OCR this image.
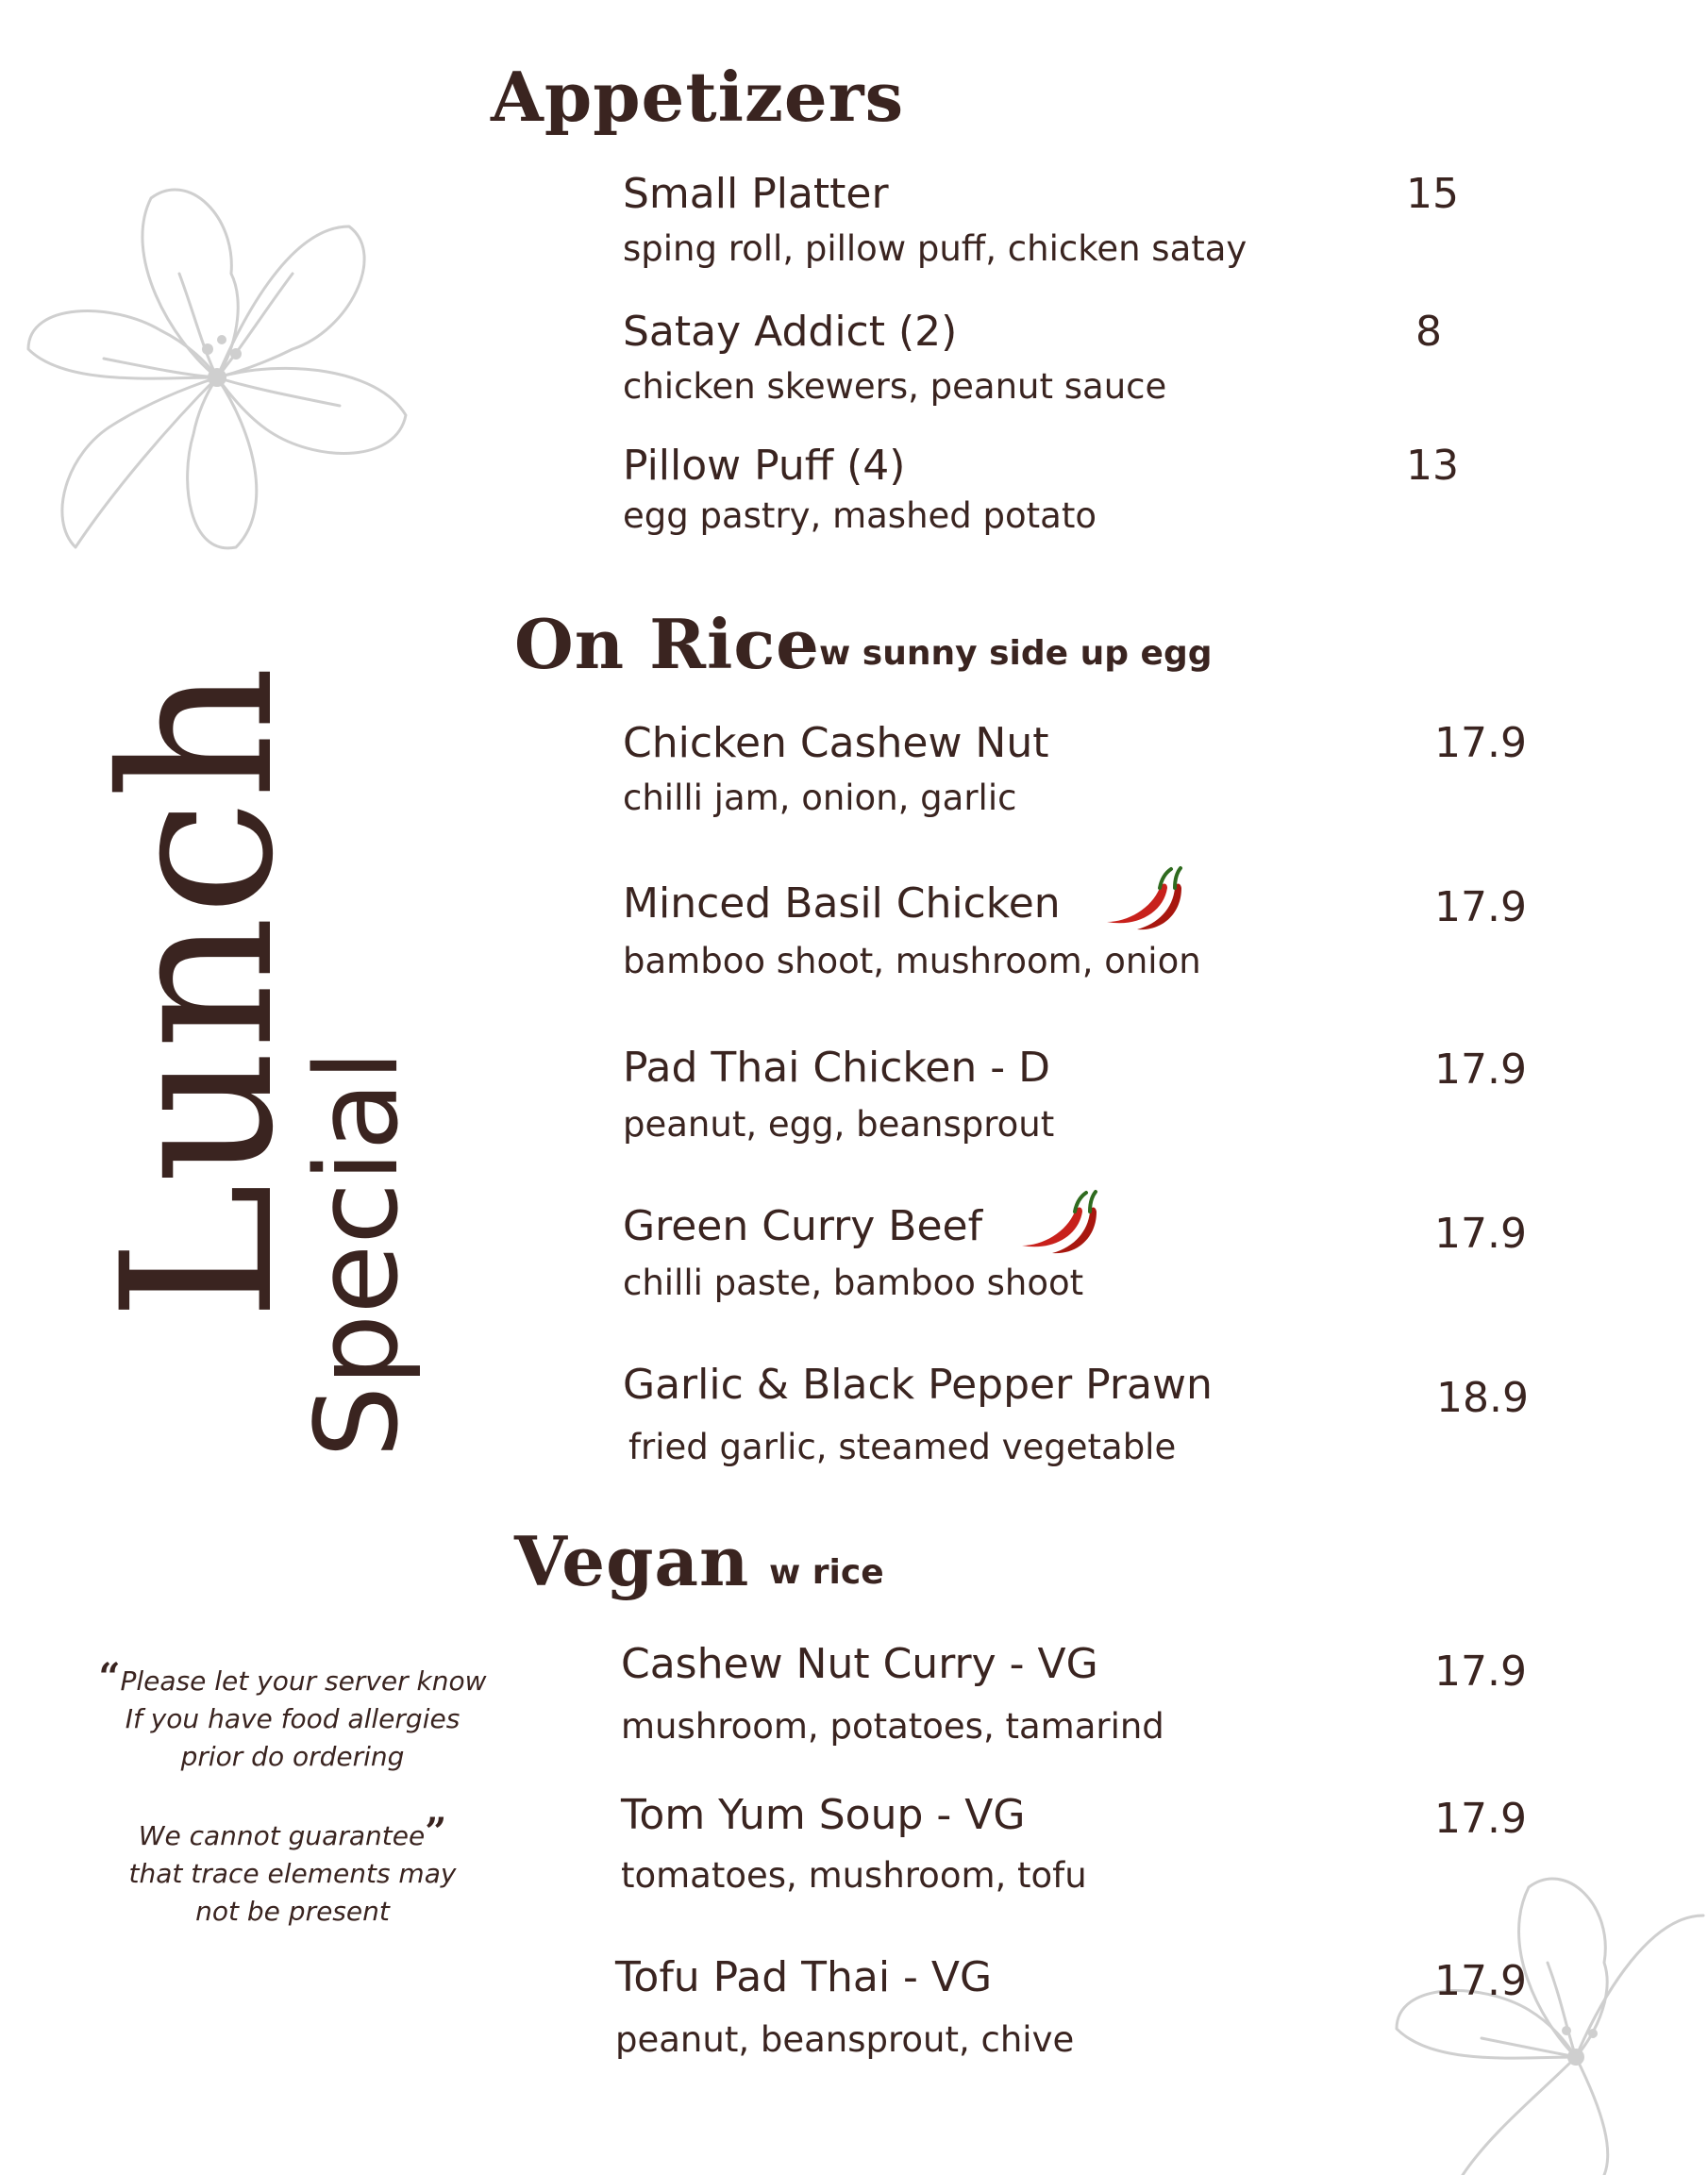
Lunch
Special
Appetizers
Small Platter
sping roll, pillow puff, chicken satay
15
Satay Addict (2)
chicken skewers, peanut sauce
8
Pillow Puff (4)
egg pastry, mashed potato
13
On Rice w sunny side up egg
Chicken Cashew Nut
chilli jam, onion, garlic
17.9
Minced Basil Chicken
bamboo shoot, mushroom, onion
17.9
Pad Thai Chicken - D
peanut, egg, beansprout
17.9
Green Curry Beef
chilli paste, bamboo shoot
17.9
Garlic & Black Pepper Prawn
fried garlic, steamed vegetable
18.9
Vegan w rice
Cashew Nut Curry - VG
mushroom, potatoes, tamarind
17.9
Tom Yum Soup - VG
tomatoes, mushroom, tofu
17.9
Tofu Pad Thai - VG
peanut, beansprout, chive
17.9
“Please let your server know
If you have food allergies
prior do ordering
We cannot guarantee”
that trace elements may
not be present
